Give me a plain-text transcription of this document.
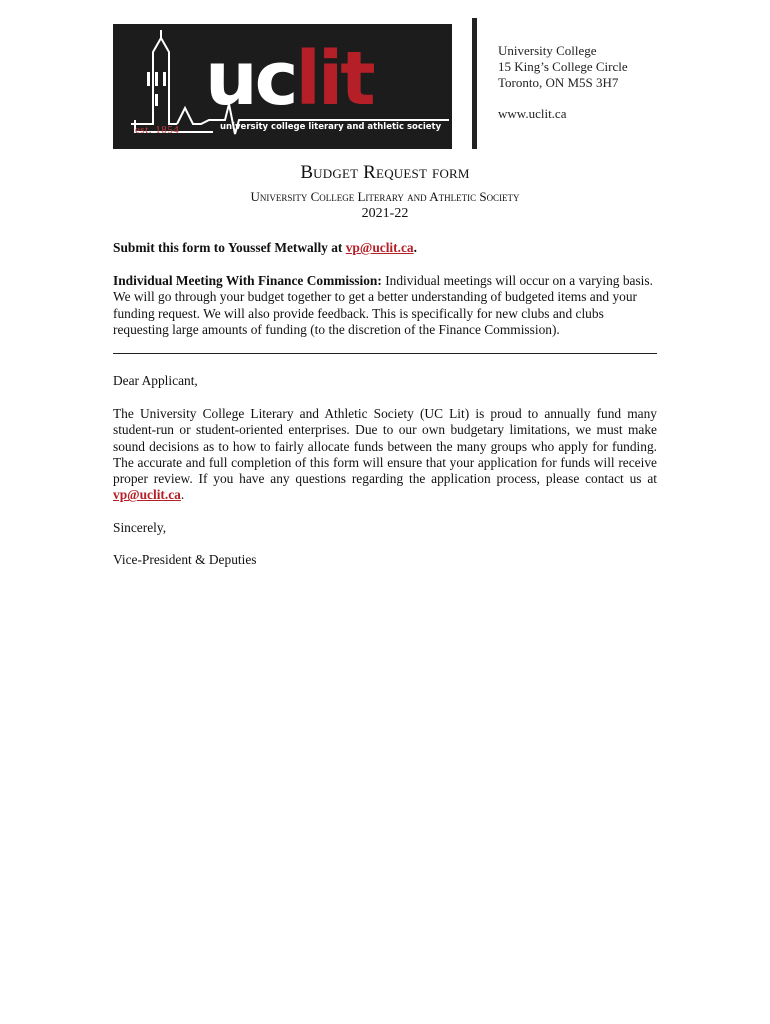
uclit
university college literary and athletic society
est. 1854
University College
15 King’s College Circle
Toronto, ON M5S 3H7
www.uclit.ca
Budget Request form
University College Literary and Athletic Society
2021-22
Submit this form to Youssef Metwally at vp@uclit.ca.
Individual Meeting With Finance Commission: Individual meetings will occur on a varying basis. We will go through your budget together to get a better understanding of budgeted items and your funding request. We will also provide feedback. This is specifically for new clubs and clubs requesting large amounts of funding (to the discretion of the Finance Commission).
Dear Applicant,
The University College Literary and Athletic Society (UC Lit) is proud to annually fund many student-run or student-oriented enterprises. Due to our own budgetary limitations, we must make sound decisions as to how to fairly allocate funds between the many groups who apply for funding. The accurate and full completion of this form will ensure that your application for funds will receive proper review. If you have any questions regarding the application process, please contact us at vp@uclit.ca.
Sincerely,
Vice-President & Deputies
